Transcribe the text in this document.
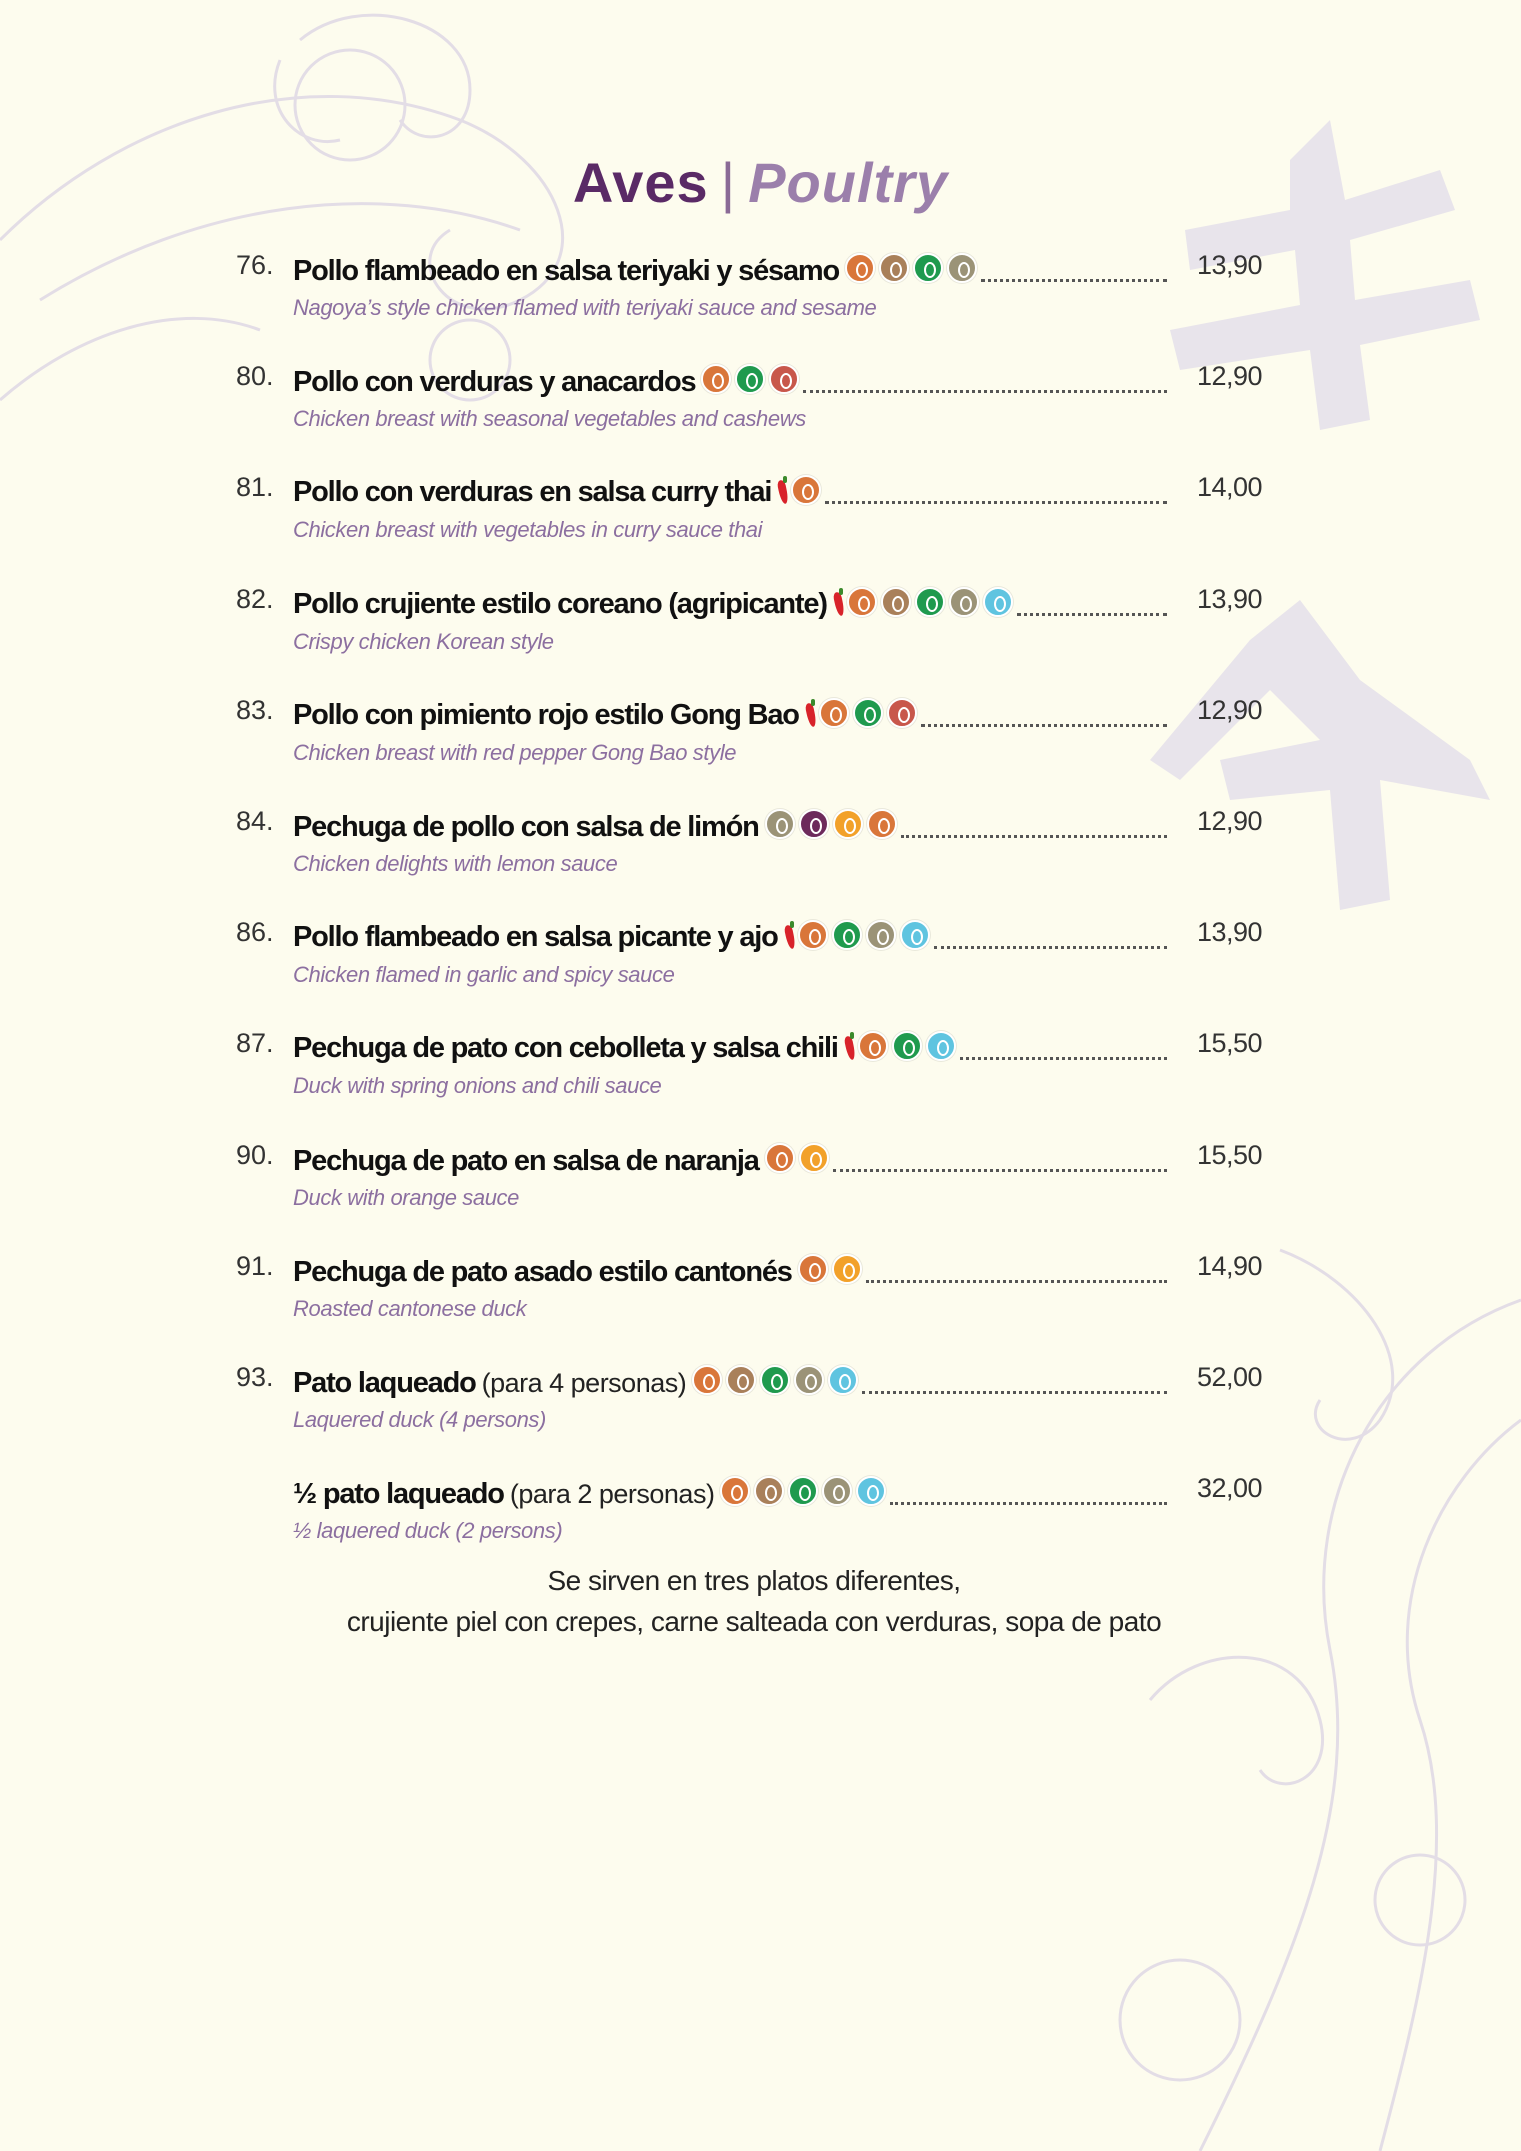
Aves | Poultry
76. Pollo flambeado en salsa teriyaki y sésamo	13,90
Nagoya’s style chicken flamed with teriyaki sauce and sesame
80. Pollo con verduras y anacardos	12,90
Chicken breast with seasonal vegetables and cashews
81. Pollo con verduras en salsa curry thai	14,00
Chicken breast with vegetables in curry sauce thai
82. Pollo crujiente estilo coreano (agripicante)	13,90
Crispy chicken Korean style
83. Pollo con pimiento rojo estilo Gong Bao	12,90
Chicken breast with red pepper Gong Bao style
84. Pechuga de pollo con salsa de limón	12,90
Chicken delights with lemon sauce
86. Pollo flambeado en salsa picante y ajo	13,90
Chicken flamed in garlic and spicy sauce
87. Pechuga de pato con cebolleta y salsa chili	15,50
Duck with spring onions and chili sauce
90. Pechuga de pato en salsa de naranja	15,50
Duck with orange sauce
91. Pechuga de pato asado estilo cantonés	14,90
Roasted cantonese duck
93. Pato laqueado (para 4 personas)	52,00
Laquered duck (4 persons)
½ pato laqueado (para 2 personas)	32,00
½ laquered duck (2 persons)
Se sirven en tres platos diferentes,
crujiente piel con crepes, carne salteada con verduras, sopa de pato
